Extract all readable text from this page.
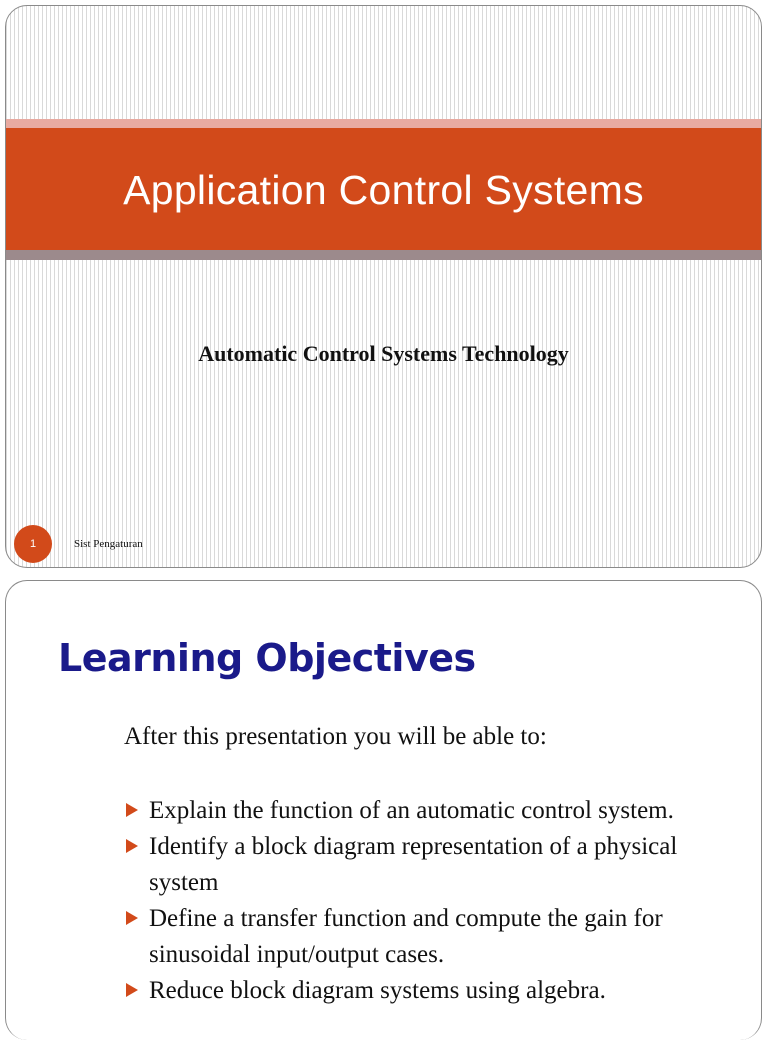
Application Control Systems
Automatic Control Systems Technology
1	Sist Pengaturan
Learning Objectives
After this presentation you will be able to:
Explain the function of an automatic control system.
Identify a block diagram representation of a physical system
Define a transfer function and compute the gain for sinusoidal input/output cases.
Reduce block diagram systems using algebra.
